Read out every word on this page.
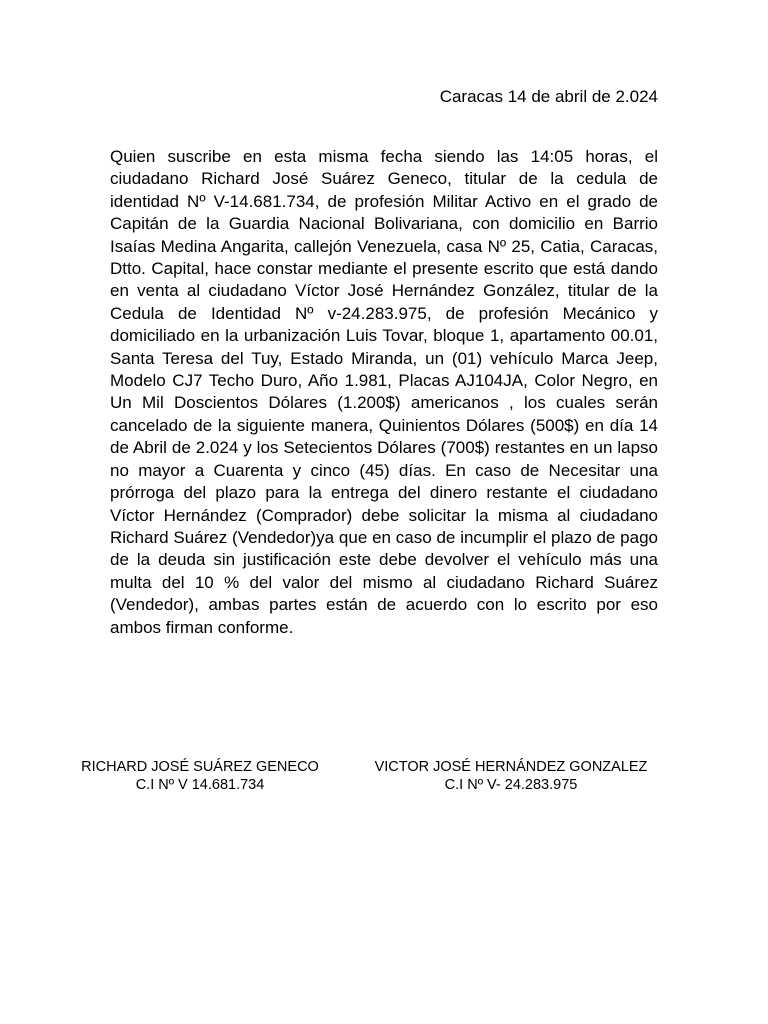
Caracas 14 de abril de 2.024
Quien suscribe en esta misma fecha siendo las 14:05 horas, el ciudadano Richard José Suárez Geneco, titular de la cedula de identidad Nº V-14.681.734, de profesión Militar Activo en el grado de Capitán de la Guardia Nacional Bolivariana, con domicilio en Barrio Isaías Medina Angarita, callejón Venezuela, casa Nº 25, Catia, Caracas, Dtto. Capital, hace constar mediante el presente escrito que está dando en venta al ciudadano Víctor José Hernández González, titular de la Cedula de Identidad Nº v-24.283.975, de profesión Mecánico y domiciliado en la urbanización Luis Tovar, bloque 1, apartamento 00.01, Santa Teresa del Tuy, Estado Miranda, un (01) vehículo Marca Jeep, Modelo CJ7 Techo Duro, Año 1.981, Placas AJ104JA, Color Negro, en Un Mil Doscientos Dólares (1.200$) americanos , los cuales serán cancelado de la siguiente manera, Quinientos Dólares (500$) en día 14 de Abril de 2.024 y los Setecientos Dólares (700$) restantes en un lapso no mayor a Cuarenta y cinco (45) días. En caso de Necesitar una prórroga del plazo para la entrega del dinero restante el ciudadano Víctor Hernández (Comprador) debe solicitar la misma al ciudadano Richard Suárez (Vendedor)ya que en caso de incumplir el plazo de pago de la deuda sin justificación este debe devolver el vehículo más una multa del 10 % del valor del mismo al ciudadano Richard Suárez (Vendedor), ambas partes están de acuerdo con lo escrito por eso ambos firman conforme.
RICHARD JOSÉ SUÁREZ GENECO
C.I Nº V 14.681.734
VICTOR JOSÉ HERNÁNDEZ GONZALEZ
C.I Nº V- 24.283.975
